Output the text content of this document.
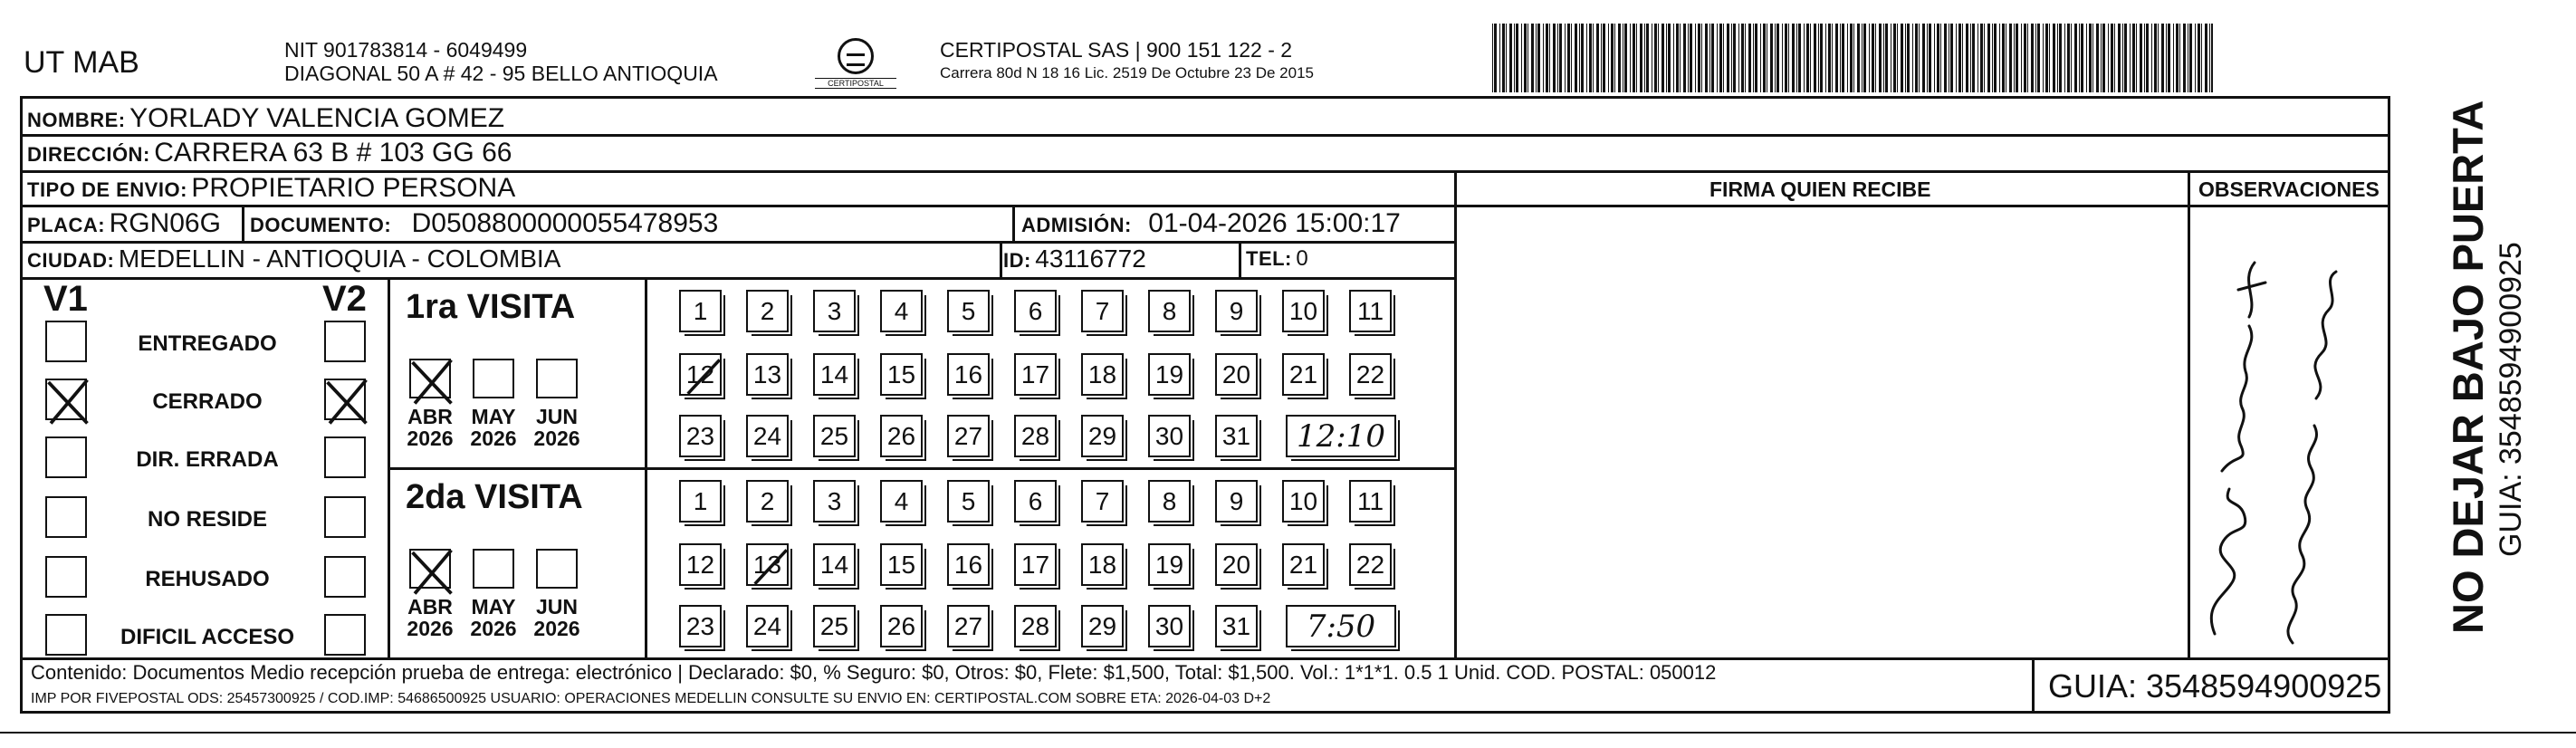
UT MAB	NIT 901783814 - 6049499
DIAGONAL 50 A # 42 - 95 BELLO ANTIOQUIA	CERTIPOSTAL
CERTIPOSTAL SAS | 900 151 122 - 2
Carrera 80d N 18 16 Lic. 2519 De Octubre 23 De 2015
NOMBRE: YORLADY VALENCIA GOMEZ
DIRECCIÓN: CARRERA 63 B # 103 GG 66
TIPO DE ENVIO: PROPIETARIO PERSONA	FIRMA QUIEN RECIBE	OBSERVACIONES
PLACA: RGN06G DOCUMENTO: D0508800000055478953	ADMISIÓN: 01-04-2026 15:00:17
CIUDAD: MEDELLIN - ANTIOQUIA - COLOMBIA	ID: 43116772	TEL: 0
V1	V2
ENTREGADO
CERRADO
DIR. ERRADA
NO RESIDE
REHUSADO
DIFICIL ACCESO
1ra VISITA
ABR
2026
MAY
2026
JUN
2026
1	2	3	4	5	6	7	8	9	10	11
12 13 14 15 16 17 18 19 20 21 22
23 24 25 26 27 28 29 30 31	12:10
2da VISITA
ABR
2026
MAY
2026
JUN
2026
1	2	3	4	5	6	7	8	9	10	11
12 13 14 15 16 17 18 19 20 21 22
23 24 25 26 27 28 29 30 31	7:50
Contenido: Documentos Medio recepción prueba de entrega: electrónico | Declarado: $0, % Seguro: $0, Otros: $0, Flete: $1,500, Total: $1,500. Vol.: 1*1*1. 0.5 1 Unid. COD. POSTAL: 050012
IMP POR FIVEPOSTAL ODS: 25457300925 / COD.IMP: 54686500925 USUARIO: OPERACIONES MEDELLIN CONSULTE SU ENVIO EN: CERTIPOSTAL.COM SOBRE ETA: 2026-04-03 D+2	GUIA: 3548594900925
NO DEJAR BAJO PUERTA GUIA: 3548594900925
